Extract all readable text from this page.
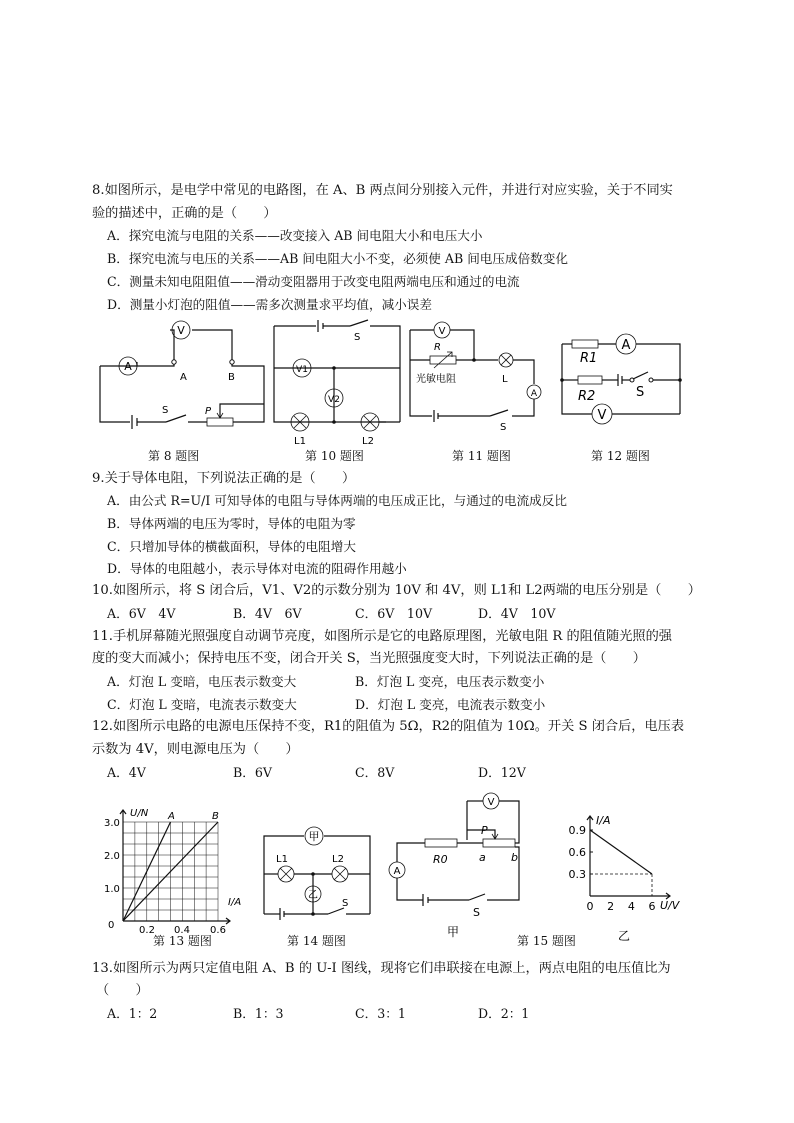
8.如图所示，是电学中常见的电路图，在 A、B 两点间分别接入元件，并进行对应实验，关于不同实
验的描述中，正确的是（　　）
A．探究电流与电阻的关系——改变接入 AB 间电阻大小和电压大小
B．探究电流与电压的关系——AB 间电阻大小不变，必须使 AB 间电压成倍数变化
C．测量未知电阻阻值——滑动变阻器用于改变电阻两端电压和通过的电流
D．测量小灯泡的阻值——需多次测量求平均值，减小误差
V
A
A	B
S	P
第 8 题图
V1
V2
S
L1	L2
第 10 题图
V
A
R
光敏电阻	L
S
第 11 题图
A
V
R1
R2	S
第 12 题图
9.关于导体电阻，下列说法正确的是（　　）
A．由公式 R=U/I 可知导体的电阻与导体两端的电压成正比，与通过的电流成反比
B．导体两端的电压为零时，导体的电阻为零
C．只增加导体的横截面积，导体的电阻增大
D．导体的电阻越小，表示导体对电流的阻碍作用越小
10.如图所示，将 S 闭合后，V1、V2的示数分别为 10V 和 4V，则 L1和 L2两端的电压分别是（　　）
A．6V　4V	B．4V　6V	C．6V　10V	D．4V　10V
11.手机屏幕随光照强度自动调节亮度，如图所示是它的电路原理图，光敏电阻 R 的阻值随光照的强
度的变大而减小；保持电压不变，闭合开关 S，当光照强度变大时，下列说法正确的是（　　）
A．灯泡 L 变暗，电压表示数变大	B．灯泡 L 变亮，电压表示数变小
C．灯泡 L 变暗，电流表示数变大	D．灯泡 L 变亮，电流表示数变小
12.如图所示电路的电源电压保持不变，R1的阻值为 5Ω，R2的阻值为 10Ω。开关 S 闭合后，电压表
示数为 4V，则电源电压为（　　）
A．4V	B．6V	C．8V	D．12V
A	B
U/N
I/A
3.0
2.0
1.0
0 0.2 0.4 0.6
第 13 题图
甲
乙
L1	L2
S
第 14 题图
V
A
R0
P
a b
S
甲
第 15 题图
I/A
U/V
0.9
0.6
0.3
0 2 4 6
乙
13.如图所示为两只定值电阻 A、B 的 U-I 图线，现将它们串联接在电源上，两点电阻的电压值比为
（　　）
A．1：2	B．1：3	C．3：1	D．2：1
